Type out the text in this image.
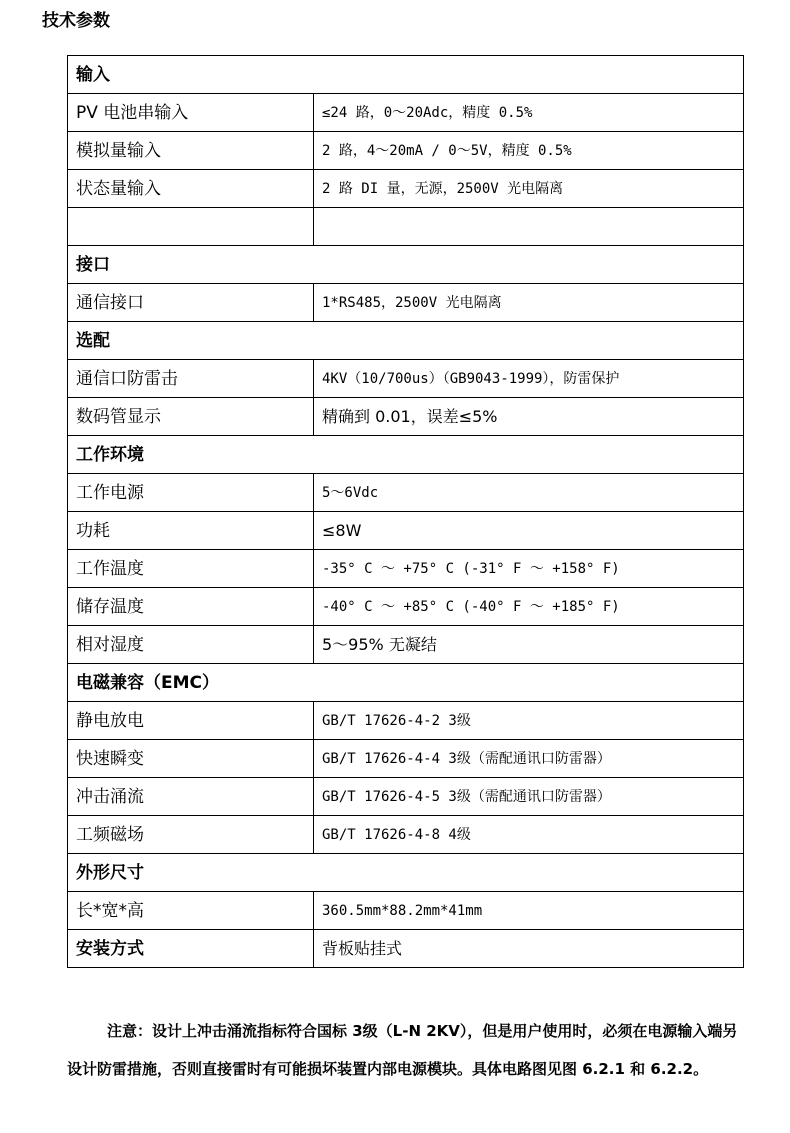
技术参数
输入	
PV 电池串输入	≤24 路，0～20Adc，精度 0.5%
模拟量输入	2 路，4～20mA / 0～5V，精度 0.5%
状态量输入	2 路 DI 量，无源，2500V 光电隔离

接口	
通信接口	1*RS485，2500V 光电隔离
选配	
通信口防雷击	4KV（10/700us）（GB9043-1999），防雷保护
数码管显示	精确到 0.01，误差≤5%
工作环境	
工作电源	5～6Vdc
功耗	≤8W
工作温度	-35° C ～ +75° C (-31° F ～ +158° F)
储存温度	-40° C ～ +85° C (-40° F ～ +185° F)
相对湿度	5～95% 无凝结
电磁兼容（EMC）	
静电放电	GB/T 17626-4-2 3级
快速瞬变	GB/T 17626-4-4 3级（需配通讯口防雷器）
冲击涌流	GB/T 17626-4-5 3级（需配通讯口防雷器）
工频磁场	GB/T 17626-4-8 4级
外形尺寸	
长*宽*高	360.5mm*88.2mm*41mm
安装方式	背板贴挂式

注意：设计上冲击涌流指标符合国标 3级（L-N 2KV），但是用户使用时，必须在电源输入端另设计防雷措施，否则直接雷时有可能损坏装置内部电源模块。具体电路图见图 6.2.1 和 6.2.2。
